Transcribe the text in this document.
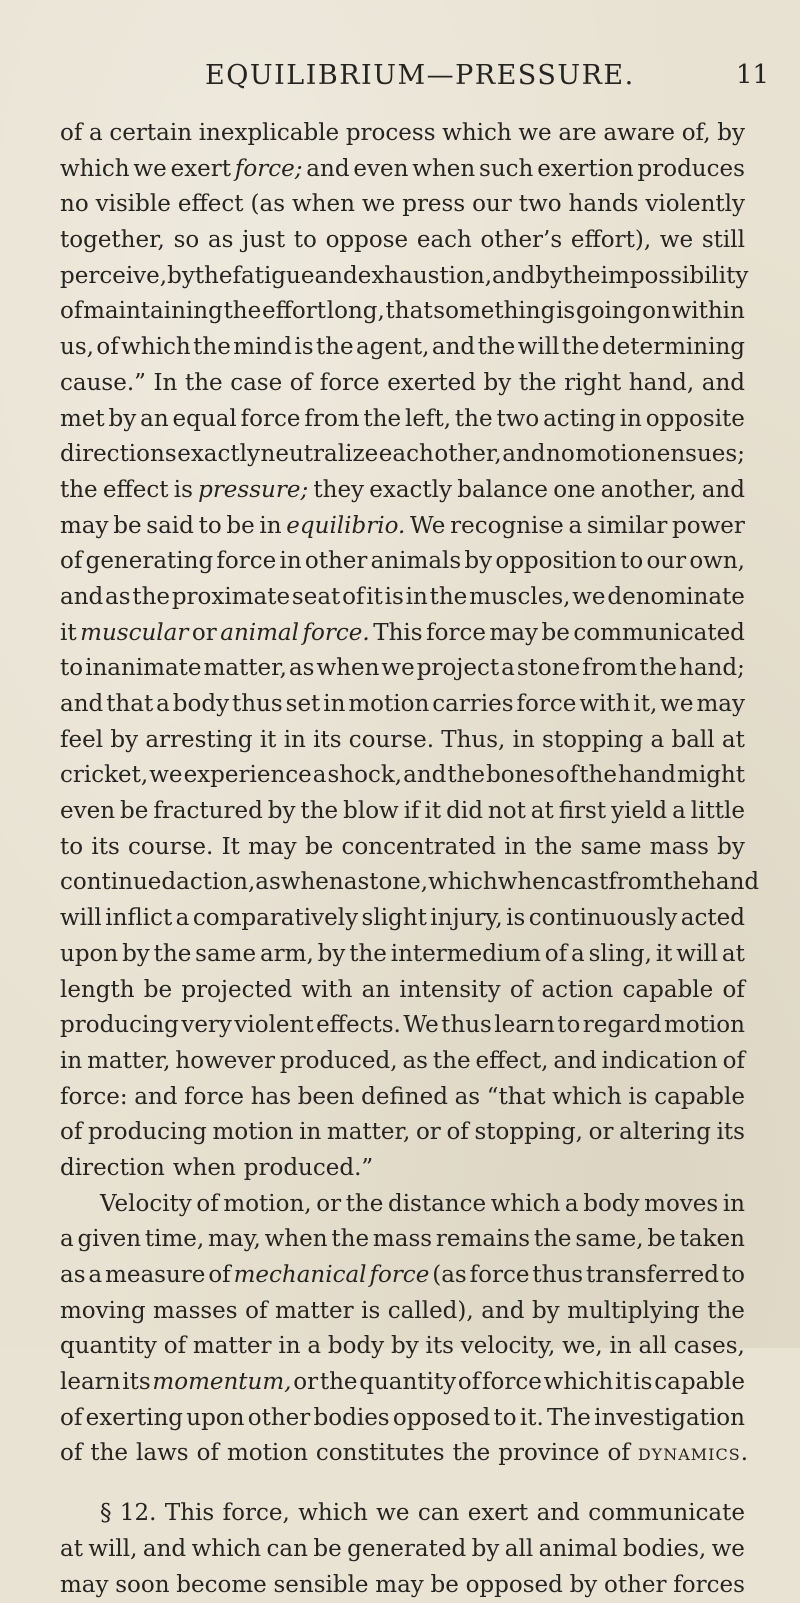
EQUILIBRIUM—PRESSURE.	11
of a certain inexplicable process which we are aware of, by
which we exert force; and even when such exertion produces
no visible effect (as when we press our two hands violently
together, so as just to oppose each other’s effort), we still
perceive, by the fatigue and exhaustion, and by the impossibility
of maintaining the effort long, that something is going on within
us, of which the mind is the agent, and the will the determining
cause.” In the case of force exerted by the right hand, and
met by an equal force from the left, the two acting in opposite
directions exactly neutralize each other, and no motion ensues;
the effect is pressure; they exactly balance one another, and
may be said to be in equilibrio. We recognise a similar power
of generating force in other animals by opposition to our own,
and as the proximate seat of it is in the muscles, we denominate
it muscular or animal force. This force may be communicated
to inanimate matter, as when we project a stone from the hand;
and that a body thus set in motion carries force with it, we may
feel by arresting it in its course. Thus, in stopping a ball at
cricket, we experience a shock, and the bones of the hand might
even be fractured by the blow if it did not at first yield a little
to its course. It may be concentrated in the same mass by
continued action, as when a stone, which when cast from the hand
will inflict a comparatively slight injury, is continuously acted
upon by the same arm, by the intermedium of a sling, it will at
length be projected with an intensity of action capable of
producing very violent effects. We thus learn to regard motion
in matter, however produced, as the effect, and indication of
force: and force has been defined as “that which is capable
of producing motion in matter, or of stopping, or altering its
direction when produced.”
Velocity of motion, or the distance which a body moves in
a given time, may, when the mass remains the same, be taken
as a measure of mechanical force (as force thus transferred to
moving masses of matter is called), and by multiplying the
quantity of matter in a body by its velocity, we, in all cases,
learn its momentum, or the quantity of force which it is capable
of exerting upon other bodies opposed to it. The investigation
of the laws of motion constitutes the province of dynamics.
§ 12. This force, which we can exert and communicate
at will, and which can be generated by all animal bodies, we
may soon become sensible may be opposed by other forces
